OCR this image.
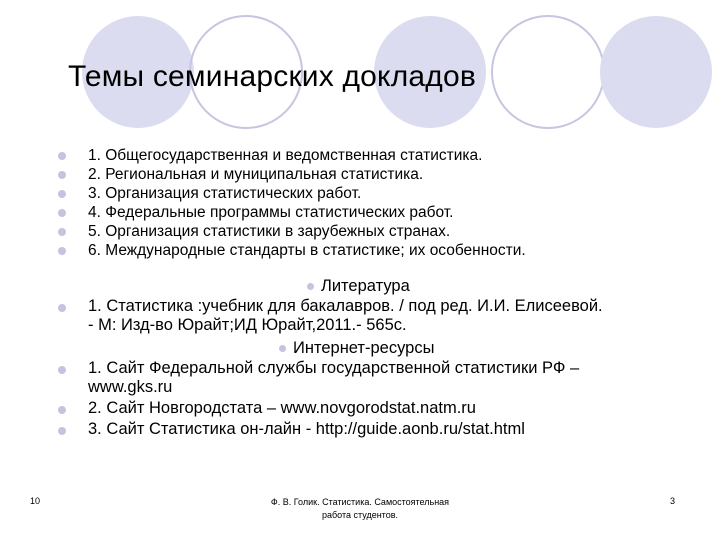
Темы семинарских докладов
1. Общегосударственная и ведомственная статистика.
2. Региональная и муниципальная статистика.
3. Организация статистических работ.
4. Федеральные программы статистических работ.
5. Организация статистики в зарубежных странах.
6. Международные стандарты в статистике; их особенности.
Литература
1. Статистика :учебник для бакалавров. / под ред. И.И. Елисеевой.
- М: Изд-во Юрайт;ИД Юрайт,2011.- 565с.
Интернет-ресурсы
1. Сайт Федеральной службы государственной статистики РФ – www.gks.ru
2. Сайт Новгородстата – www.novgorodstat.natm.ru
3. Сайт Статистика он-лайн - http://guide.aonb.ru/stat.html
10	Ф. В. Голик. Статистика. Самостоятельная
работа студентов.
3
